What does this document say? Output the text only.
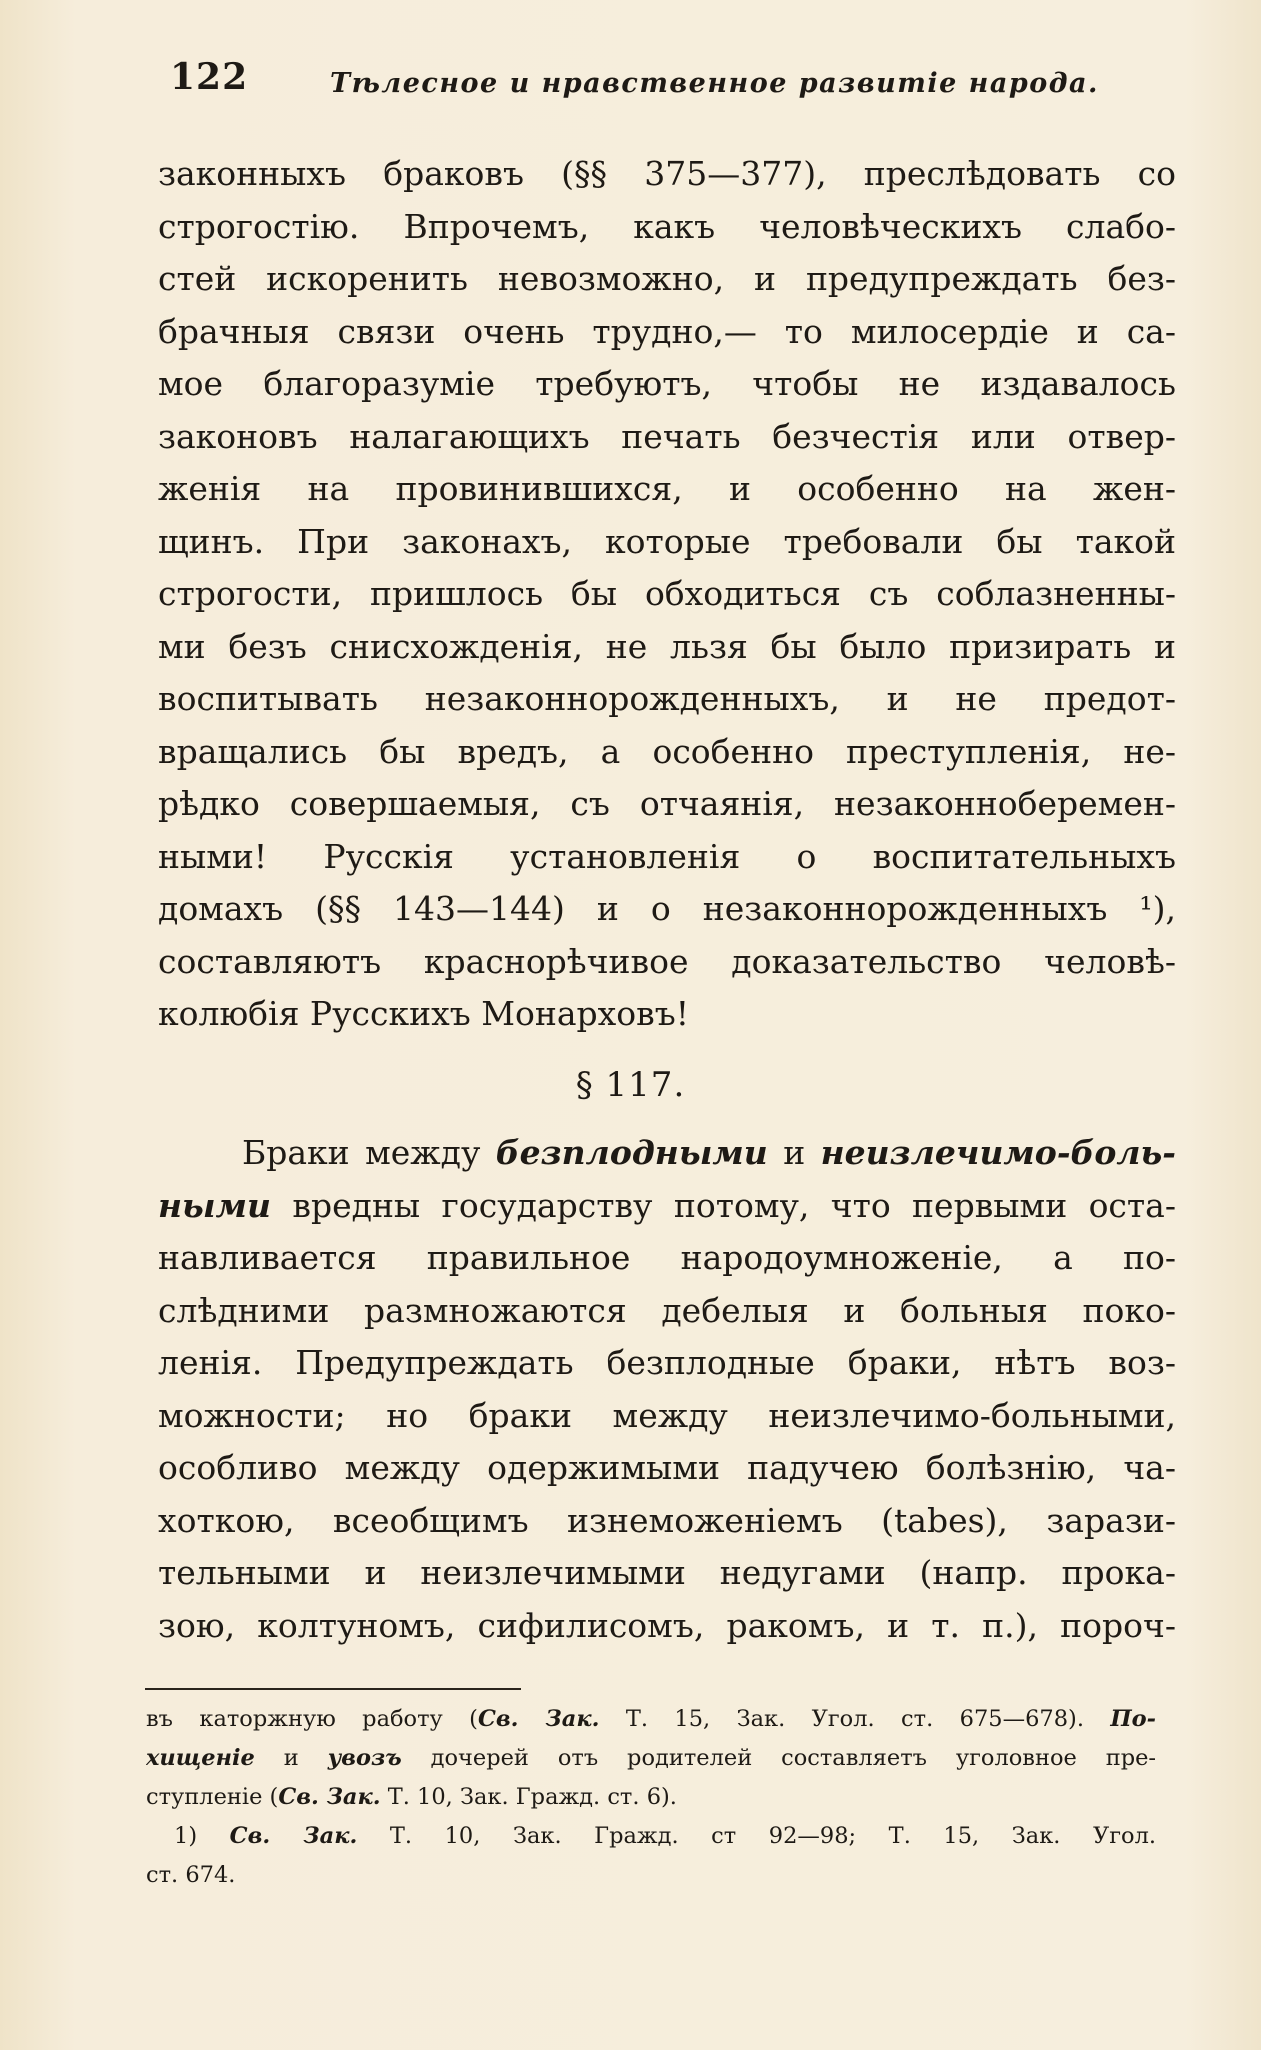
122	Тѣлесное и нравственное развитіе народа.
законныхъ браковъ (§§ 375—377), преслѣдовать со
строгостію. Впрочемъ, какъ человѣческихъ слабо-
стей искоренить невозможно, и предупреждать без-
брачныя связи очень трудно,— то милосердіе и са-
мое благоразуміе требуютъ, чтобы не издавалось
законовъ налагающихъ печать безчестія или отвер-
женія на провинившихся, и особенно на жен-
щинъ. При законахъ, которые требовали бы такой
строгости, пришлось бы обходиться съ соблазненны-
ми безъ снисхожденія, не льзя бы было призирать и
воспитывать незаконнорожденныхъ, и не предот-
вращались бы вредъ, а особенно преступленія, не-
рѣдко совершаемыя, съ отчаянія, незаконноберемен-
ными! Русскія установленія о воспитательныхъ
домахъ (§§ 143—144) и о незаконнорожденныхъ ¹),
составляютъ краснорѣчивое доказательство человѣ-
колюбія Русскихъ Монарховъ!
§ 117.
Браки между безплодными и неизлечимо-боль-
ными вредны государству потому, что первыми оста-
навливается правильное народоумноженіе, а по-
слѣдними размножаются дебелыя и больныя поко-
ленія. Предупреждать безплодные браки, нѣтъ воз-
можности; но браки между неизлечимо-больными,
особливо между одержимыми падучею болѣзнію, ча-
хоткою, всеобщимъ изнеможеніемъ (tabes), зарази-
тельными и неизлечимыми недугами (напр. прока-
зою, колтуномъ, сифилисомъ, ракомъ, и т. п.), пороч-
въ каторжную работу (Св. Зак. Т. 15, Зак. Угол. ст. 675—678). По-
хищеніе и увозъ дочерей отъ родителей составляетъ уголовное пре-
ступленіе (Св. Зак. Т. 10, Зак. Гражд. ст. 6).
1) Св. Зак. Т. 10, Зак. Гражд. ст 92—98; Т. 15, Зак. Угол.
ст. 674.
